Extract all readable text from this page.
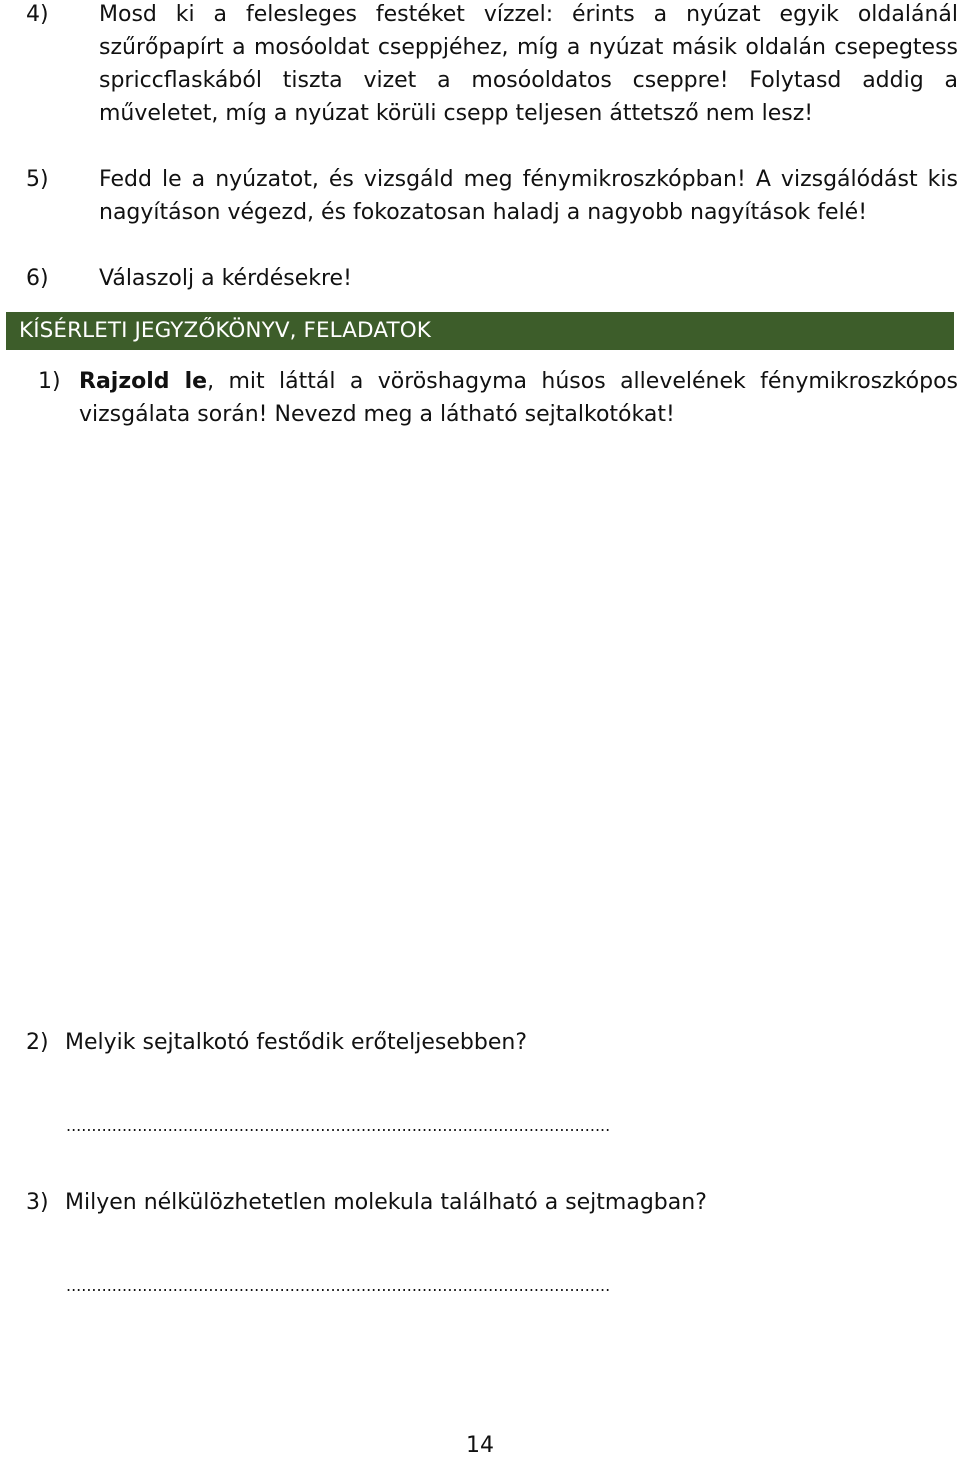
4)	Mosd ki a felesleges festéket vízzel: érints a nyúzat egyik oldalánál szűrőpapírt a mosóoldat cseppjéhez, míg a nyúzat másik oldalán csepegtess spriccflaskából tiszta vizet a mosóoldatos cseppre! Folytasd addig a műveletet, míg a nyúzat körüli csepp teljesen áttetsző nem lesz!
5)	Fedd le a nyúzatot, és vizsgáld meg fénymikroszkópban! A vizsgálódást kis nagyításon végezd, és fokozatosan haladj a nagyobb nagyítások felé!
6)	Válaszolj a kérdésekre!
KÍSÉRLETI JEGYZŐKÖNYV, FELADATOK
1) Rajzold le, mit láttál a vöröshagyma húsos allevelének fénymikroszkópos vizsgálata során! Nevezd meg a látható sejtalkotókat!
2) Melyik sejtalkotó festődik erőteljesebben?
...........................................................................................................
3) Milyen nélkülözhetetlen molekula található a sejtmagban?
...........................................................................................................
14
